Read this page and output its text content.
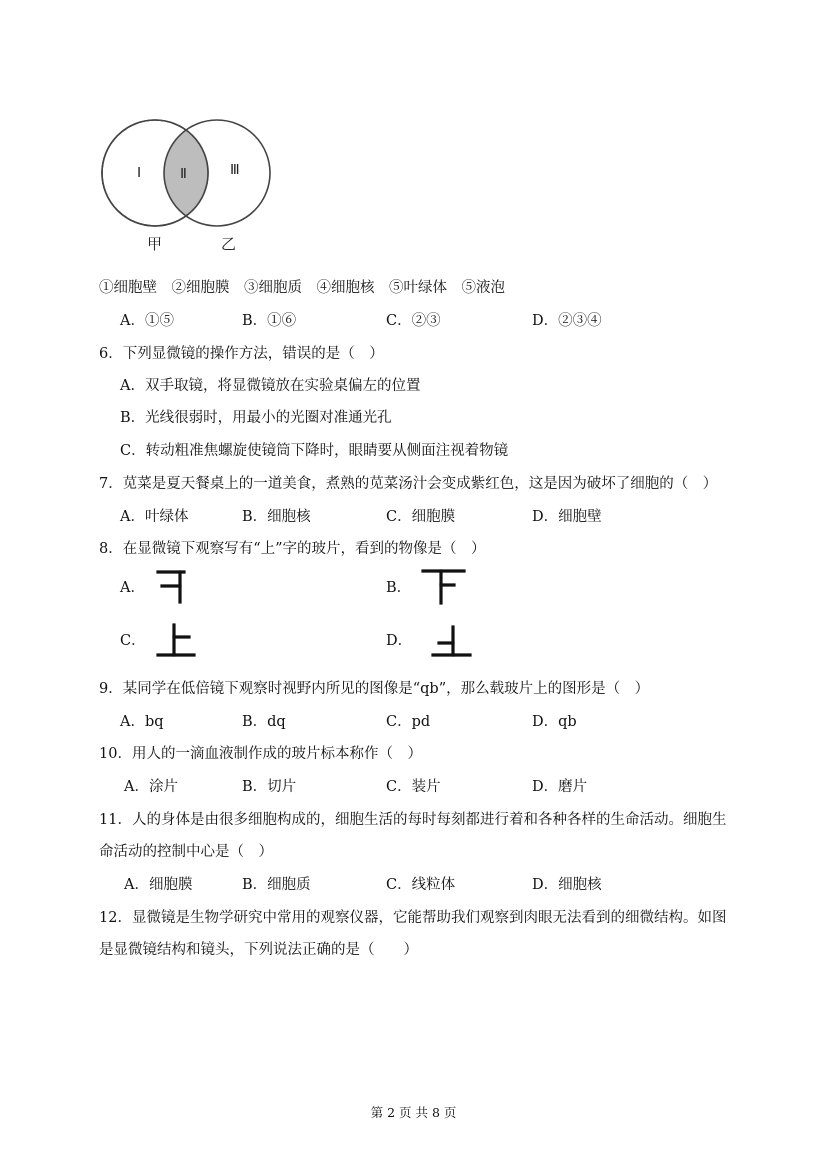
Ⅰ	Ⅱ	Ⅲ
甲	乙
①细胞壁　②细胞膜　③细胞质　④细胞核　⑤叶绿体　⑤液泡
A．①⑤	B．①⑥	C．②③	D．②③④
6．下列显微镜的操作方法，错误的是（　）
A．双手取镜，将显微镜放在实验桌偏左的位置
B．光线很弱时，用最小的光圈对准通光孔
C．转动粗准焦螺旋使镜筒下降时，眼睛要从侧面注视着物镜
7．苋菜是夏天餐桌上的一道美食，煮熟的苋菜汤汁会变成紫红色，这是因为破坏了细胞的（　）
A．叶绿体	B．细胞核	C．细胞膜	D．细胞壁
8．在显微镜下观察写有“上”字的玻片，看到的物像是（　）
A．	B．
C．	D．
9．某同学在低倍镜下观察时视野内所见的图像是“qb”，那么载玻片上的图形是（　）
A．bq	B．dq	C．pd	D．qb
10．用人的一滴血液制作成的玻片标本称作（　）
A．涂片	B．切片	C．装片	D．磨片
11．人的身体是由很多细胞构成的，细胞生活的每时每刻都进行着和各种各样的生命活动。细胞生
命活动的控制中心是（　）
A．细胞膜	B．细胞质	C．线粒体	D．细胞核
12．显微镜是生物学研究中常用的观察仪器，它能帮助我们观察到肉眼无法看到的细微结构。如图
是显微镜结构和镜头，下列说法正确的是（　　）
第 2 页 共 8 页
